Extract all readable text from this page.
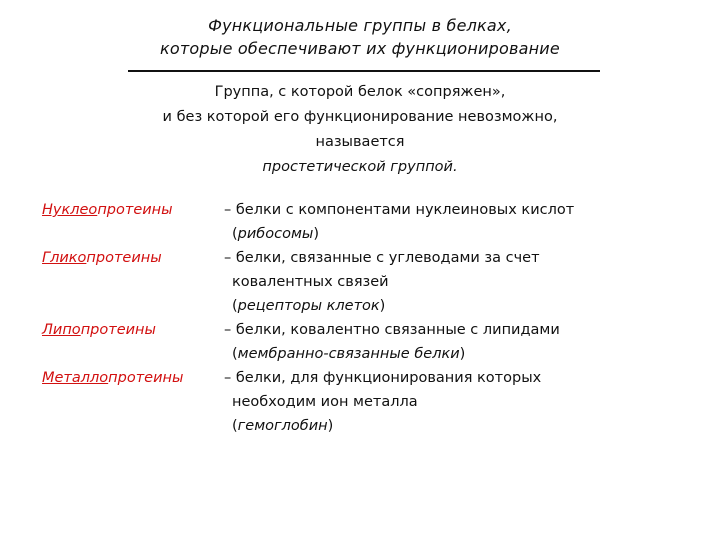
Функциональные группы в белках,
которые обеспечивают их функционирование
Группа, с которой белок «сопряжен»,
и без которой его функционирование невозможно,
называется
простетической группой.
Нуклеопротеины	– белки с компонентами нуклеиновых кислот
(рибосомы)
Гликопротеины	– белки, связанные с углеводами за счет
ковалентных связей
(рецепторы клеток)
Липопротеины	– белки, ковалентно связанные с липидами
(мембранно-связанные белки)
Металлопротеины	– белки, для функционирования которых
необходим ион металла
(гемоглобин)
